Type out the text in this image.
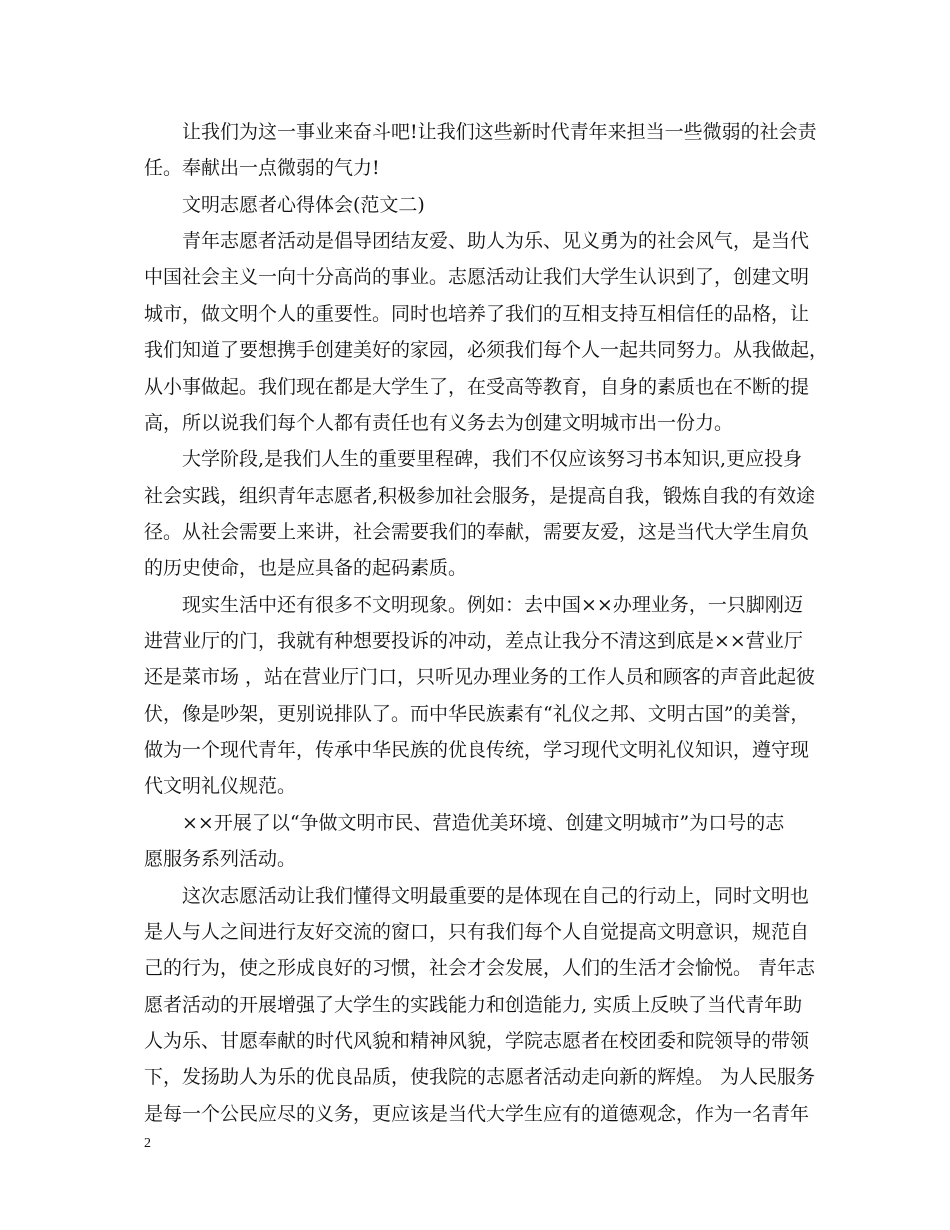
让我们为这一事业来奋斗吧!让我们这些新时代青年来担当一些微弱的社会责
任。奉献出一点微弱的气力!
文明志愿者心得体会(范文二)
青年志愿者活动是倡导团结友爱、助人为乐、见义勇为的社会风气，是当代
中国社会主义一向十分高尚的事业。志愿活动让我们大学生认识到了，创建文明
城市，做文明个人的重要性。同时也培养了我们的互相支持互相信任的品格，让
我们知道了要想携手创建美好的家园，必须我们每个人一起共同努力。从我做起，
从小事做起。我们现在都是大学生了，在受高等教育，自身的素质也在不断的提
高，所以说我们每个人都有责任也有义务去为创建文明城市出一份力。
大学阶段,是我们人生的重要里程碑，我们不仅应该努习书本知识,更应投身
社会实践，组织青年志愿者,积极参加社会服务，是提高自我，锻炼自我的有效途
径。从社会需要上来讲，社会需要我们的奉献，需要友爱，这是当代大学生肩负
的历史使命，也是应具备的起码素质。
现实生活中还有很多不文明现象。例如：去中国××办理业务，一只脚刚迈
进营业厅的门，我就有种想要投诉的冲动，差点让我分不清这到底是××营业厅
还是菜市场 ，站在营业厅门口，只听见办理业务的工作人员和顾客的声音此起彼
伏，像是吵架，更别说排队了。而中华民族素有“礼仪之邦、文明古国”的美誉，
做为一个现代青年，传承中华民族的优良传统，学习现代文明礼仪知识，遵守现
代文明礼仪规范。
××开展了以“争做文明市民、营造优美环境、创建文明城市”为口号的志
愿服务系列活动。
这次志愿活动让我们懂得文明最重要的是体现在自己的行动上，同时文明也
是人与人之间进行友好交流的窗口，只有我们每个人自觉提高文明意识，规范自
己的行为，使之形成良好的习惯，社会才会发展，人们的生活才会愉悦。 青年志
愿者活动的开展增强了大学生的实践能力和创造能力, 实质上反映了当代青年助
人为乐、甘愿奉献的时代风貌和精神风貌，学院志愿者在校团委和院领导的带领
下，发扬助人为乐的优良品质，使我院的志愿者活动走向新的辉煌。 为人民服务
是每一个公民应尽的义务，更应该是当代大学生应有的道德观念，作为一名青年
2
